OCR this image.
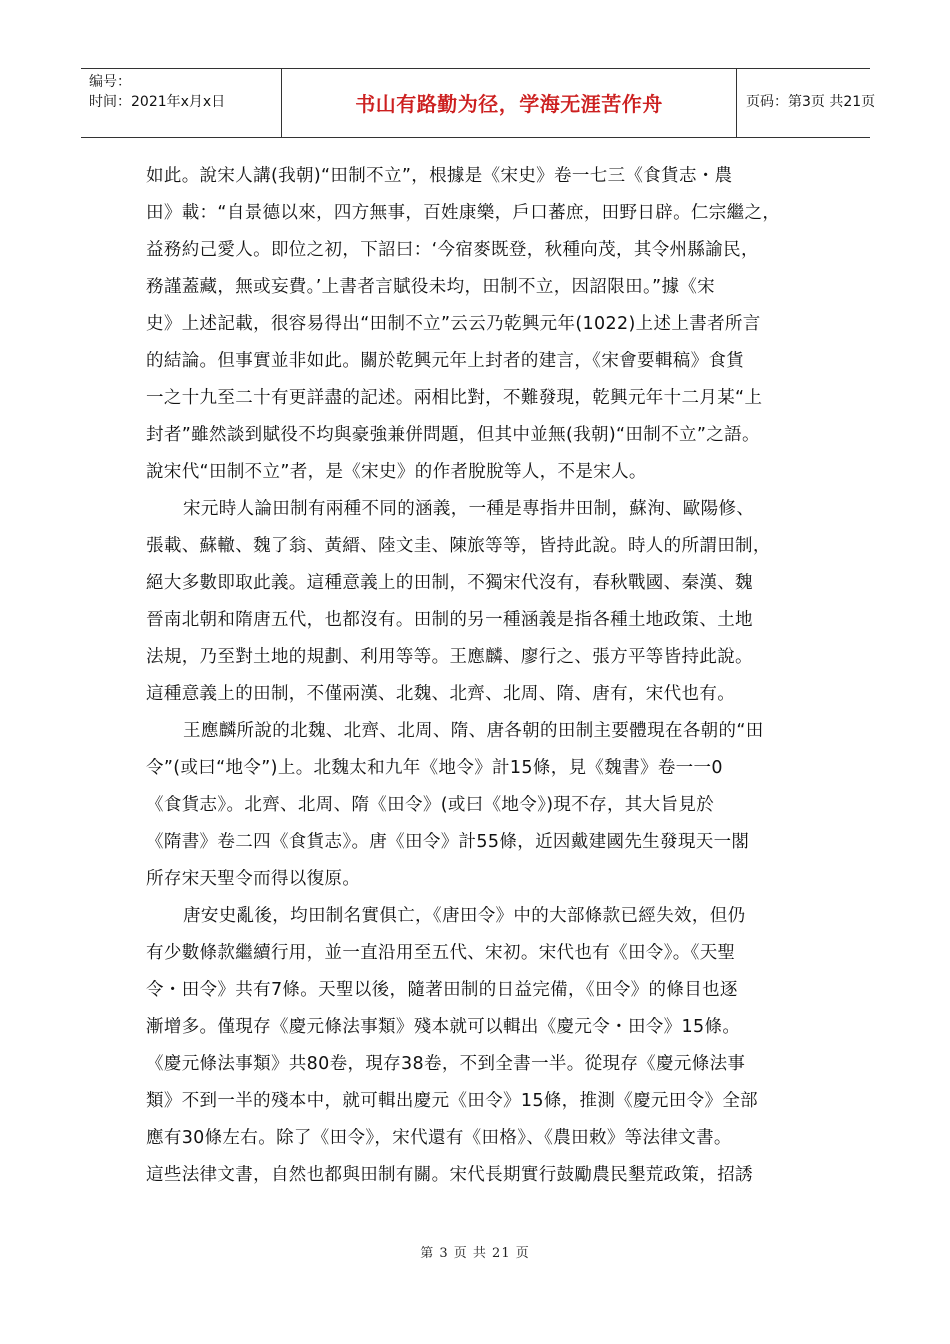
编号：
时间：2021年x月x日	书山有路勤为径，学海无涯苦作舟	页码：第3页 共21页
如此。說宋人講(我朝)“田制不立”，根據是《宋史》卷一七三《食貨志・農
田》載：“自景德以來，四方無事，百姓康樂，戶口蕃庶，田野日辟。仁宗繼之，
益務約己愛人。即位之初，下詔曰：‘今宿麥既登，秋種向茂，其令州縣諭民，
務謹蓋藏，無或妄費。’上書者言賦役未均，田制不立，因詔限田。”據《宋
史》上述記載，很容易得出“田制不立”云云乃乾興元年(1022)上述上書者所言
的結論。但事實並非如此。關於乾興元年上封者的建言，《宋會要輯稿》食貨
一之十九至二十有更詳盡的記述。兩相比對，不難發現，乾興元年十二月某“上
封者”雖然談到賦役不均與豪強兼併問題，但其中並無(我朝)“田制不立”之語。
說宋代“田制不立”者，是《宋史》的作者脫脫等人，不是宋人。
宋元時人論田制有兩種不同的涵義，一種是專指井田制，蘇洵、歐陽修、
張載、蘇轍、魏了翁、黃縉、陸文圭、陳旅等等，皆持此說。時人的所謂田制，
絕大多數即取此義。這種意義上的田制，不獨宋代沒有，春秋戰國、秦漢、魏
晉南北朝和隋唐五代，也都沒有。田制的另一種涵義是指各種土地政策、土地
法規，乃至對土地的規劃、利用等等。王應麟、廖行之、張方平等皆持此說。
這種意義上的田制，不僅兩漢、北魏、北齊、北周、隋、唐有，宋代也有。
王應麟所說的北魏、北齊、北周、隋、唐各朝的田制主要體現在各朝的“田
令”(或曰“地令”)上。北魏太和九年《地令》計15條，見《魏書》卷一一0
《食貨志》。北齊、北周、隋《田令》(或曰《地令》)現不存，其大旨見於
《隋書》卷二四《食貨志》。唐《田令》計55條，近因戴建國先生發現天一閣
所存宋天聖令而得以復原。
唐安史亂後，均田制名實俱亡，《唐田令》中的大部條款已經失效，但仍
有少數條款繼續行用，並一直沿用至五代、宋初。宋代也有《田令》。《天聖
令・田令》共有7條。天聖以後，隨著田制的日益完備，《田令》的條目也逐
漸增多。僅現存《慶元條法事類》殘本就可以輯出《慶元令・田令》15條。
《慶元條法事類》共80卷，現存38卷，不到全書一半。從現存《慶元條法事
類》不到一半的殘本中，就可輯出慶元《田令》15條，推測《慶元田令》全部
應有30條左右。除了《田令》，宋代還有《田格》、《農田敕》等法律文書。
這些法律文書，自然也都與田制有關。宋代長期實行鼓勵農民墾荒政策，招誘
第 3 页 共 21 页
